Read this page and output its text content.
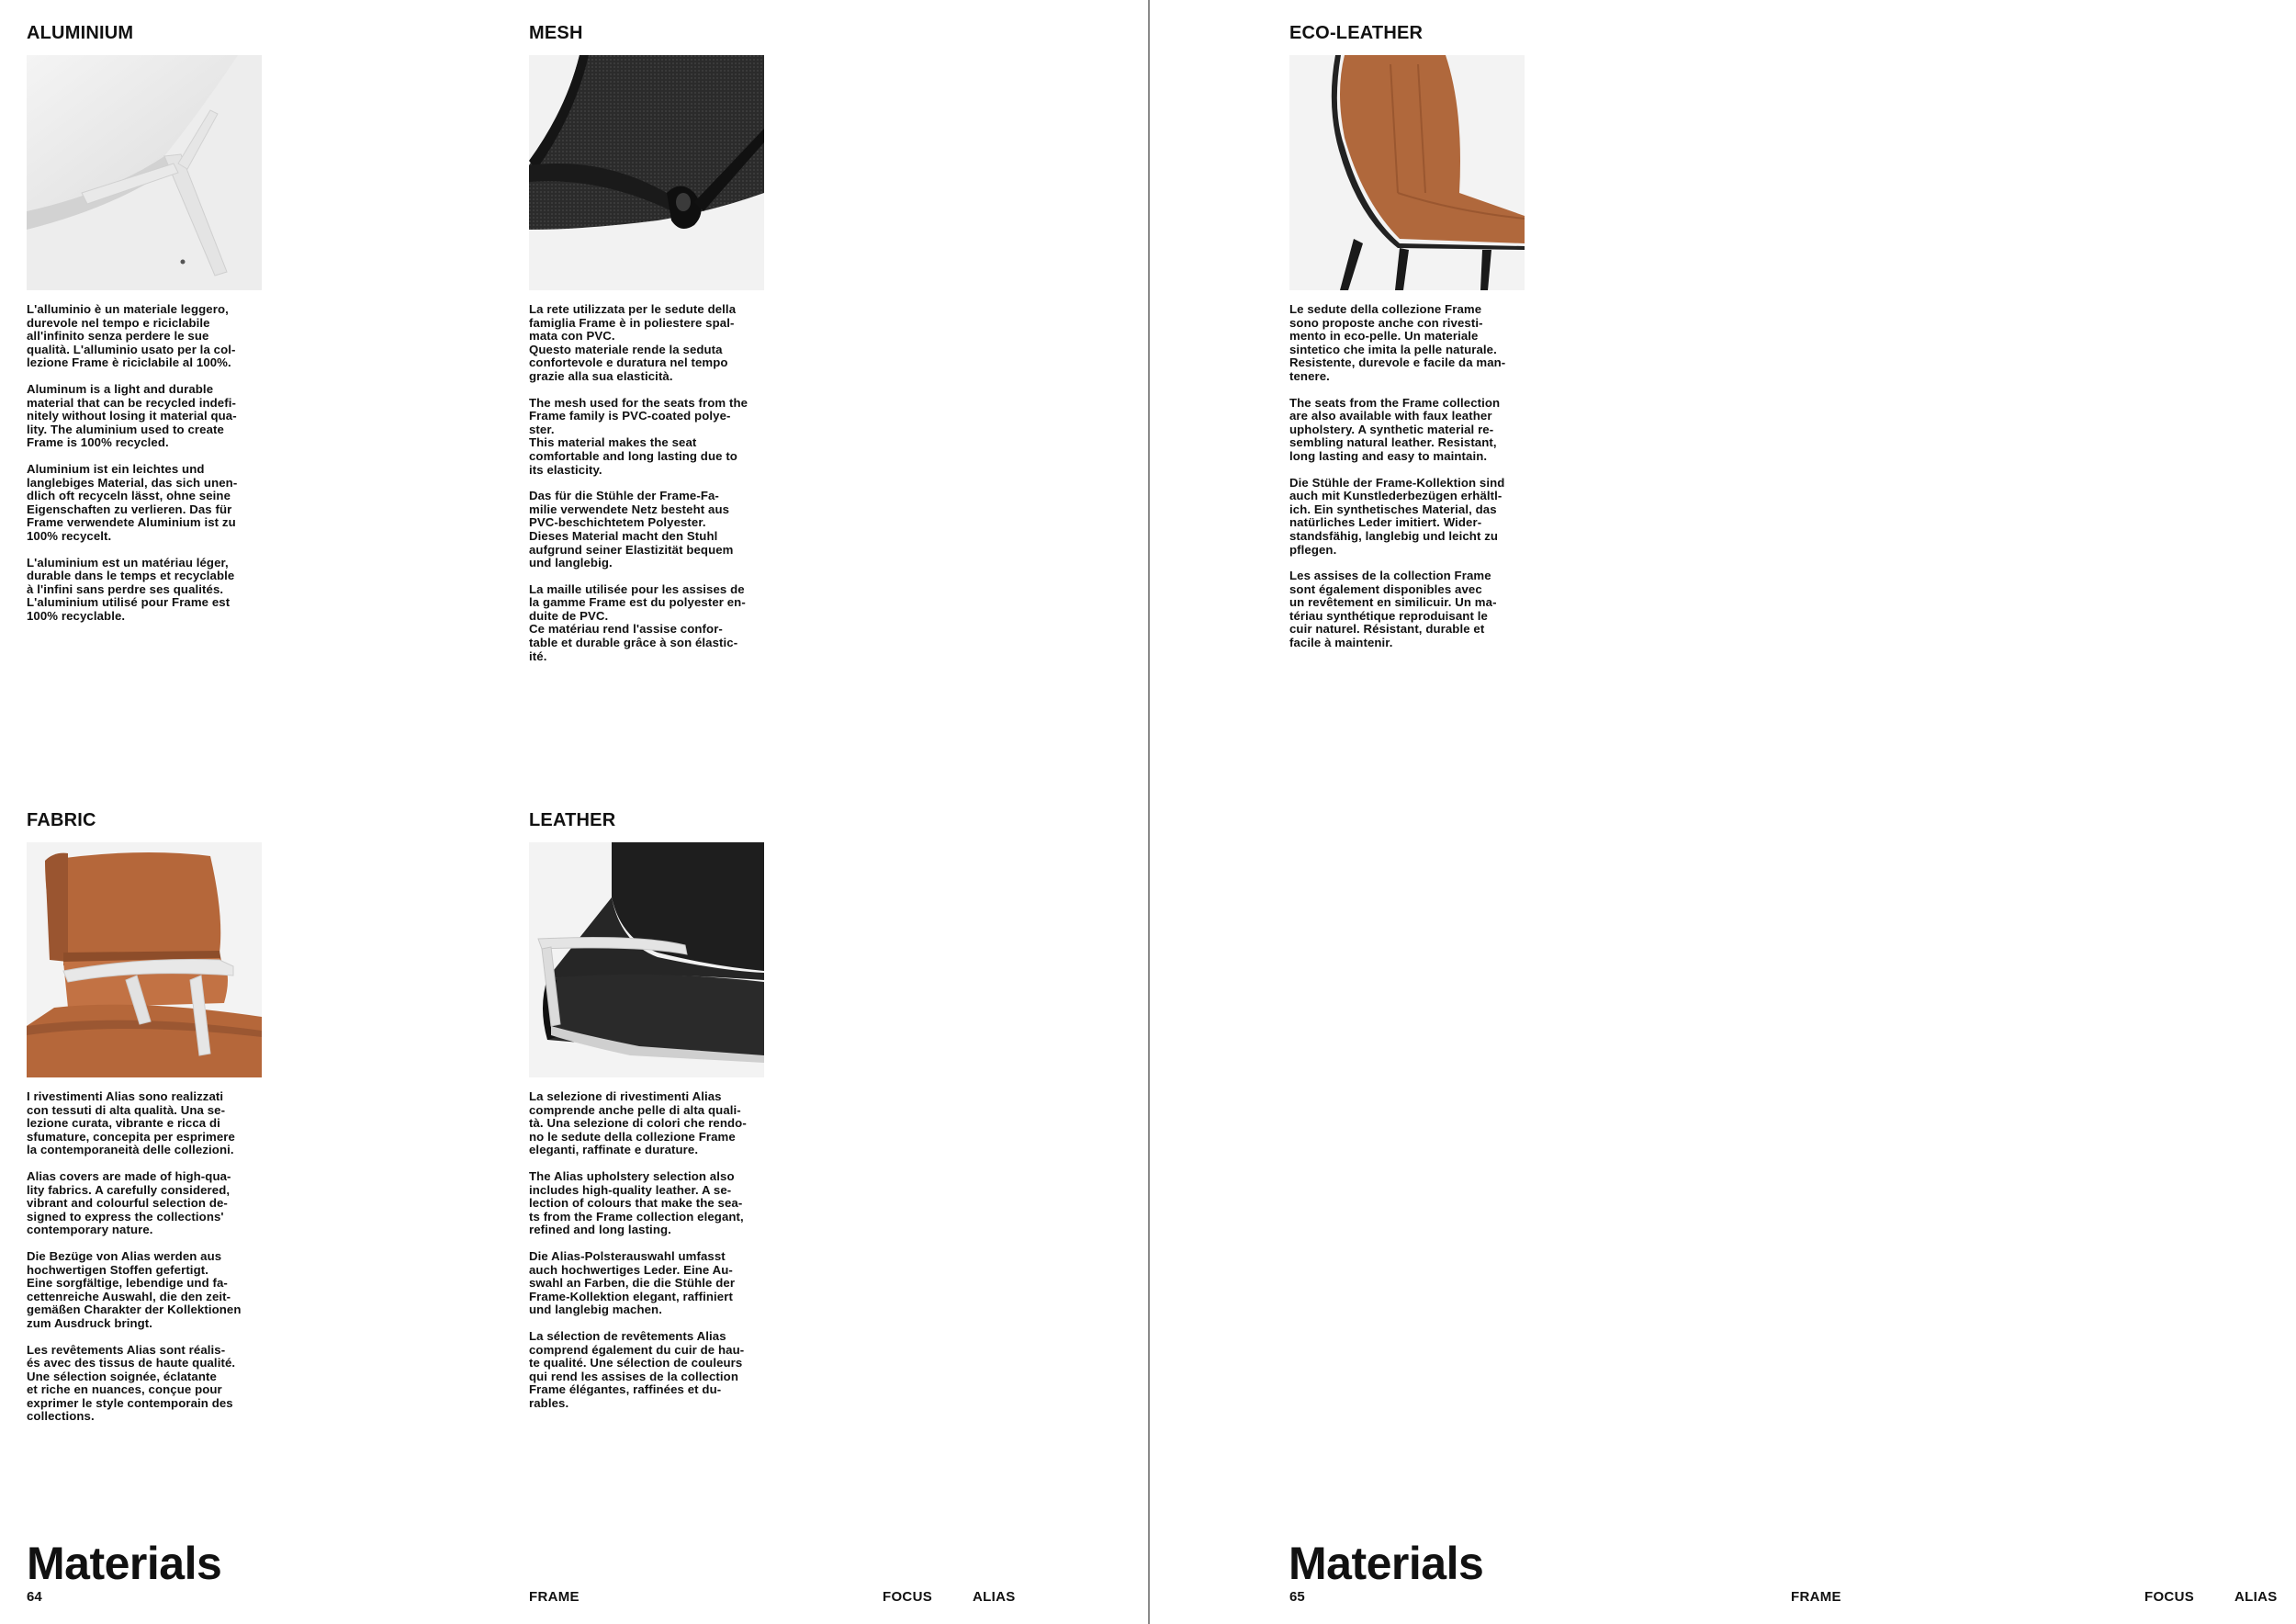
ALUMINIUM

L'alluminio è un materiale leggero,
durevole nel tempo e riciclabile
all'infinito senza perdere le sue
qualità. L'alluminio usato per la col-
lezione Frame è riciclabile al 100%.

Aluminum is a light and durable
material that can be recycled indefi-
nitely without losing it material qua-
lity. The aluminium used to create
Frame is 100% recycled.

Aluminium ist ein leichtes und
langlebiges Material, das sich unen-
dlich oft recyceln lässt, ohne seine
Eigenschaften zu verlieren. Das für
Frame verwendete Aluminium ist zu
100% recycelt.

L'aluminium est un matériau léger,
durable dans le temps et recyclable
à l'infini sans perdre ses qualités.
L'aluminium utilisé pour Frame est
100% recyclable.

MESH

La rete utilizzata per le sedute della
famiglia Frame è in poliestere spal-
mata con PVC.
Questo materiale rende la seduta
confortevole e duratura nel tempo
grazie alla sua elasticità.

The mesh used for the seats from the
Frame family is PVC-coated polye-
ster.
This material makes the seat
comfortable and long lasting due to
its elasticity.

Das für die Stühle der Frame-Fa-
milie verwendete Netz besteht aus
PVC-beschichtetem Polyester.
Dieses Material macht den Stuhl
aufgrund seiner Elastizität bequem
und langlebig.

La maille utilisée pour les assises de
la gamme Frame est du polyester en-
duite de PVC.
Ce matériau rend l'assise confor-
table et durable grâce à son élastic-
ité.

FABRIC

I rivestimenti Alias sono realizzati
con tessuti di alta qualità. Una se-
lezione curata, vibrante e ricca di
sfumature, concepita per esprimere
la contemporaneità delle collezioni.

Alias covers are made of high-qua-
lity fabrics. A carefully considered,
vibrant and colourful selection de-
signed to express the collections'
contemporary nature.

Die Bezüge von Alias werden aus
hochwertigen Stoffen gefertigt.
Eine sorgfältige, lebendige und fa-
cettenreiche Auswahl, die den zeit-
gemäßen Charakter der Kollektionen
zum Ausdruck bringt.

Les revêtements Alias sont réalis-
és avec des tissus de haute qualité.
Une sélection soignée, éclatante
et riche en nuances, conçue pour
exprimer le style contemporain des
collections.

LEATHER

La selezione di rivestimenti Alias
comprende anche pelle di alta quali-
tà. Una selezione di colori che rendo-
no le sedute della collezione Frame
eleganti, raffinate e durature.

The Alias upholstery selection also
includes high-quality leather. A se-
lection of colours that make the sea-
ts from the Frame collection elegant,
refined and long lasting.

Die Alias-Polsterauswahl umfasst
auch hochwertiges Leder. Eine Au-
swahl an Farben, die die Stühle der
Frame-Kollektion elegant, raffiniert
und langlebig machen.

La sélection de revêtements Alias
comprend également du cuir de hau-
te qualité. Une sélection de couleurs
qui rend les assises de la collection
Frame élégantes, raffinées et du-
rables.

ECO-LEATHER

Le sedute della collezione Frame
sono proposte anche con rivesti-
mento in eco-pelle. Un materiale
sintetico che imita la pelle naturale.
Resistente, durevole e facile da man-
tenere.

The seats from the Frame collection
are also available with faux leather
upholstery. A synthetic material re-
sembling natural leather. Resistant,
long lasting and easy to maintain.

Die Stühle der Frame-Kollektion sind
auch mit Kunstlederbezügen erhältl-
ich. Ein synthetisches Material, das
natürliches Leder imitiert. Wider-
standsfähig, langlebig und leicht zu
pflegen.

Les assises de la collection Frame
sont également disponibles avec
un revêtement en similicuir. Un ma-
tériau synthétique reproduisant le
cuir naturel. Résistant, durable et
facile à maintenir.

Materials
64	FRAME	FOCUS	ALIAS
Materials
65	FRAME	FOCUS	ALIAS
